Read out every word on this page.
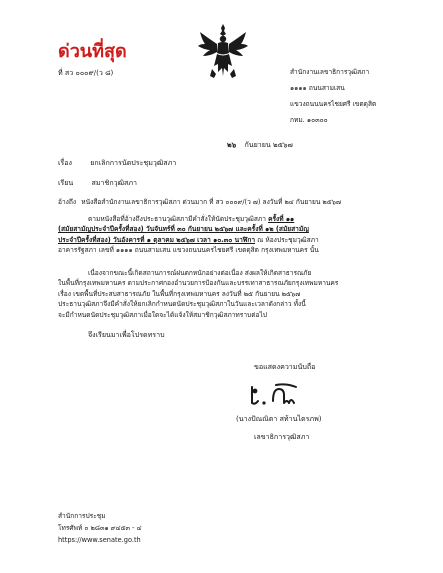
ด่วนที่สุด
ที่ สว ๐๐๐๙/(ว ๘)	สำนักงานเลขาธิการวุฒิสภา
๑๑๑๑ ถนนสามเสน
แขวงถนนนครไชยศรี เขตดุสิต
กทม. ๑๐๓๐๐
๒๖ กันยายน ๒๕๖๗
เรื่อง	ยกเลิกการนัดประชุมวุฒิสภา
เรียน	สมาชิกวุฒิสภา
อ้างถึง หนังสือสำนักงานเลขาธิการวุฒิสภา ด่วนมาก ที่ สว ๐๐๐๙/(ว ๗) ลงวันที่ ๒๔ กันยายน ๒๕๖๗
ตามหนังสือที่อ้างถึงประธานวุฒิสภามีคำสั่งให้นัดประชุมวุฒิสภา ครั้งที่ ๑๑
(สมัยสามัญประจำปีครั้งที่สอง) วันจันทร์ที่ ๓๐ กันยายน ๒๕๖๗ และครั้งที่ ๑๒ (สมัยสามัญ
ประจำปีครั้งที่สอง) วันอังคารที่ ๑ ตุลาคม ๒๕๖๗ เวลา ๑๐.๓๐ นาฬิกา ณ ห้องประชุมวุฒิสภา
อาคารรัฐสภา เลขที่ ๑๑๑๑ ถนนสามเสน แขวงถนนนครไชยศรี เขตดุสิต กรุงเทพมหานคร นั้น
เนื่องจากขณะนี้เกิดสถานการณ์ฝนตกหนักอย่างต่อเนื่อง ส่งผลให้เกิดสาธารณภัย
ในพื้นที่กรุงเทพมหานคร ตามประกาศกองอำนวยการป้องกันและบรรเทาสาธารณภัยกรุงเทพมหานคร
เรื่อง เขตพื้นที่ประสบสาธารณภัย ในพื้นที่กรุงเทพมหานคร ลงวันที่ ๒๕ กันยายน ๒๕๖๗
ประธานวุฒิสภาจึงมีคำสั่งให้ยกเลิกกำหนดนัดประชุมวุฒิสภาในวันและเวลาดังกล่าว ทั้งนี้
จะมีกำหนดนัดประชุมวุฒิสภาเมื่อใดจะได้แจ้งให้สมาชิกวุฒิสภาทราบต่อไป
จึงเรียนมาเพื่อโปรดทราบ
ขอแสดงความนับถือ
(นางปัณณิตา สท้านไตรภพ)
เลขาธิการวุฒิสภา
สำนักการประชุม
โทรศัพท์ ๐ ๒๘๓๑ ๙๔๕๓ - ๔
https://www.senate.go.th
